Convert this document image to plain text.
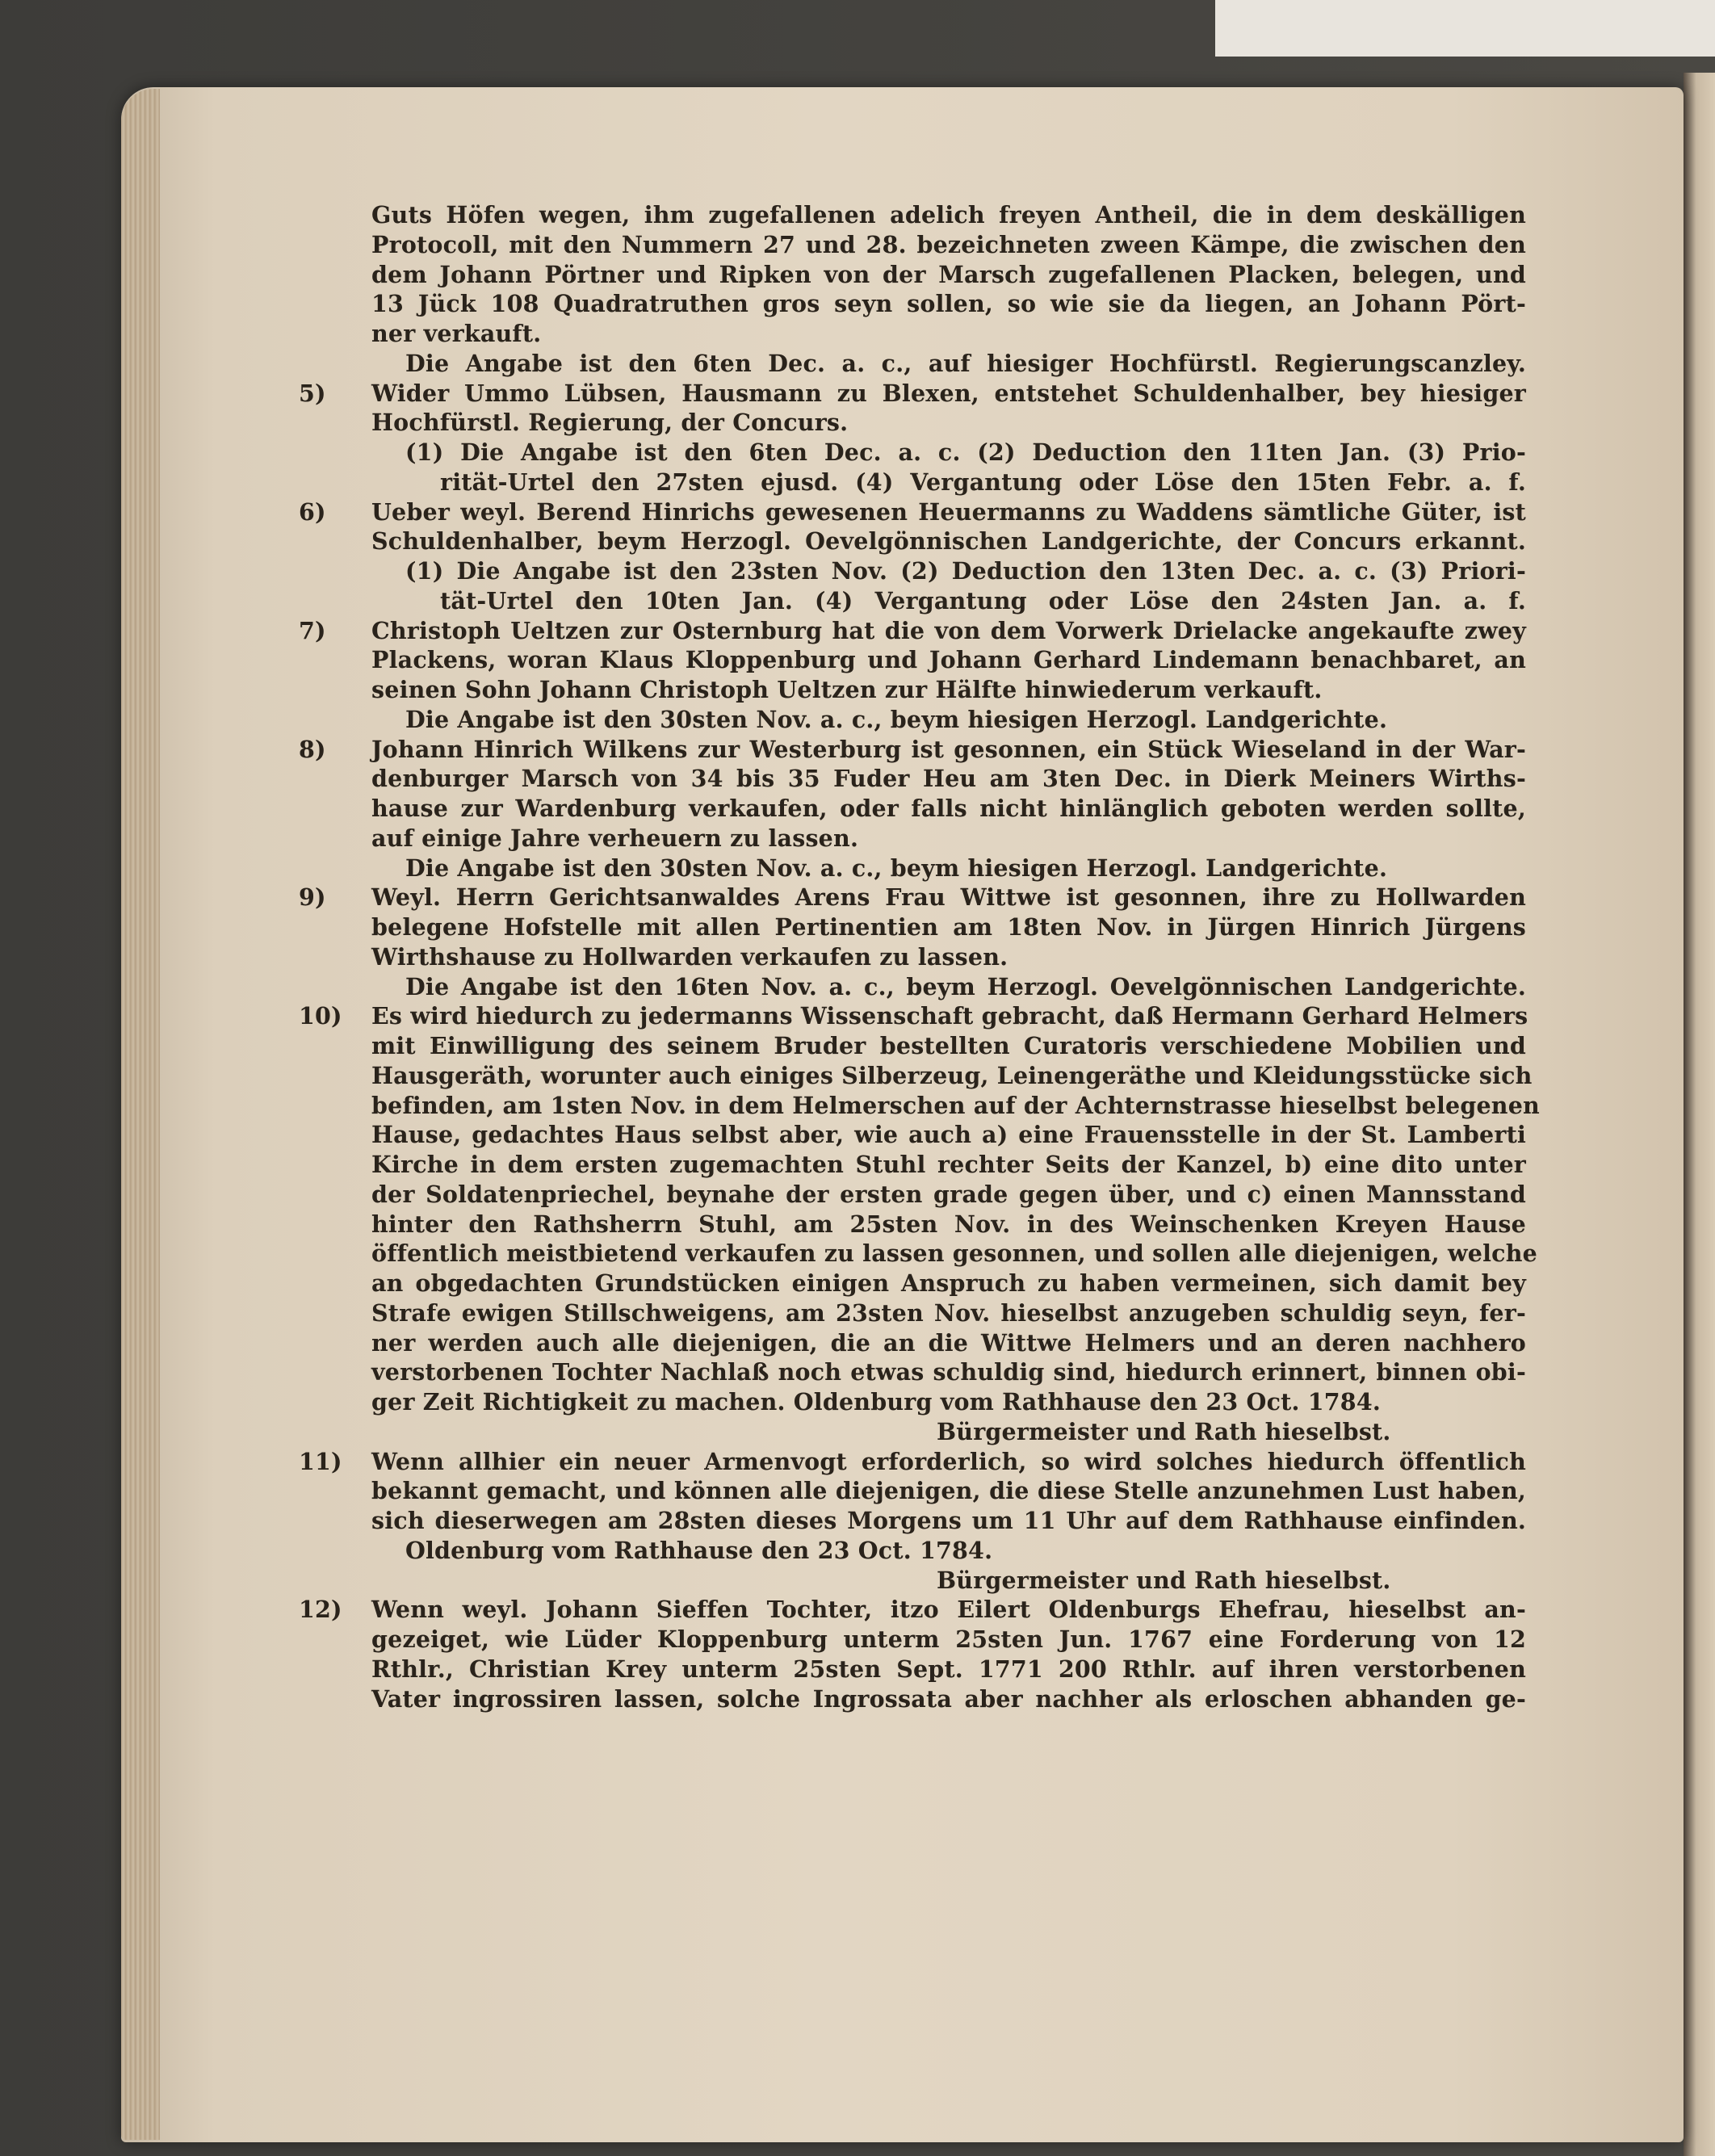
Guts Höfen wegen, ihm zugefallenen adelich freyen Antheil, die in dem deskälligen
Protocoll, mit den Nummern 27 und 28. bezeichneten zween Kämpe, die zwischen den
dem Johann Pörtner und Ripken von der Marsch zugefallenen Placken, belegen, und
13 Jück 108 Quadratruthen gros seyn sollen, so wie sie da liegen, an Johann Pört-
ner verkauft.
Die Angabe ist den 6ten Dec. a. c., auf hiesiger Hochfürstl. Regierungscanzley.
5)	Wider Ummo Lübsen, Hausmann zu Blexen, entstehet Schuldenhalber, bey hiesiger
Hochfürstl. Regierung, der Concurs.
(1) Die Angabe ist den 6ten Dec. a. c. (2) Deduction den 11ten Jan. (3) Prio-
rität-Urtel den 27sten ejusd. (4) Vergantung oder Löse den 15ten Febr. a. f.
6)	Ueber weyl. Berend Hinrichs gewesenen Heuermanns zu Waddens sämtliche Güter, ist
Schuldenhalber, beym Herzogl. Oevelgönnischen Landgerichte, der Concurs erkannt.
(1) Die Angabe ist den 23sten Nov. (2) Deduction den 13ten Dec. a. c. (3) Priori-
tät-Urtel den 10ten Jan. (4) Vergantung oder Löse den 24sten Jan. a. f.
7)	Christoph Ueltzen zur Osternburg hat die von dem Vorwerk Drielacke angekaufte zwey
Plackens, woran Klaus Kloppenburg und Johann Gerhard Lindemann benachbaret, an
seinen Sohn Johann Christoph Ueltzen zur Hälfte hinwiederum verkauft.
Die Angabe ist den 30sten Nov. a. c., beym hiesigen Herzogl. Landgerichte.
8)	Johann Hinrich Wilkens zur Westerburg ist gesonnen, ein Stück Wieseland in der War-
denburger Marsch von 34 bis 35 Fuder Heu am 3ten Dec. in Dierk Meiners Wirths-
hause zur Wardenburg verkaufen, oder falls nicht hinlänglich geboten werden sollte,
auf einige Jahre verheuern zu lassen.
Die Angabe ist den 30sten Nov. a. c., beym hiesigen Herzogl. Landgerichte.
9)	Weyl. Herrn Gerichtsanwaldes Arens Frau Wittwe ist gesonnen, ihre zu Hollwarden
belegene Hofstelle mit allen Pertinentien am 18ten Nov. in Jürgen Hinrich Jürgens
Wirthshause zu Hollwarden verkaufen zu lassen.
Die Angabe ist den 16ten Nov. a. c., beym Herzogl. Oevelgönnischen Landgerichte.
10)	Es wird hiedurch zu jedermanns Wissenschaft gebracht, daß Hermann Gerhard Helmers
mit Einwilligung des seinem Bruder bestellten Curatoris verschiedene Mobilien und
Hausgeräth, worunter auch einiges Silberzeug, Leinengeräthe und Kleidungsstücke sich
befinden, am 1sten Nov. in dem Helmerschen auf der Achternstrasse hieselbst belegenen
Hause, gedachtes Haus selbst aber, wie auch a) eine Frauensstelle in der St. Lamberti
Kirche in dem ersten zugemachten Stuhl rechter Seits der Kanzel, b) eine dito unter
der Soldatenpriechel, beynahe der ersten grade gegen über, und c) einen Mannsstand
hinter den Rathsherrn Stuhl, am 25sten Nov. in des Weinschenken Kreyen Hause
öffentlich meistbietend verkaufen zu lassen gesonnen, und sollen alle diejenigen, welche
an obgedachten Grundstücken einigen Anspruch zu haben vermeinen, sich damit bey
Strafe ewigen Stillschweigens, am 23sten Nov. hieselbst anzugeben schuldig seyn, fer-
ner werden auch alle diejenigen, die an die Wittwe Helmers und an deren nachhero
verstorbenen Tochter Nachlaß noch etwas schuldig sind, hiedurch erinnert, binnen obi-
ger Zeit Richtigkeit zu machen. Oldenburg vom Rathhause den 23 Oct. 1784.
Bürgermeister und Rath hieselbst.
11)	Wenn allhier ein neuer Armenvogt erforderlich, so wird solches hiedurch öffentlich
bekannt gemacht, und können alle diejenigen, die diese Stelle anzunehmen Lust haben,
sich dieserwegen am 28sten dieses Morgens um 11 Uhr auf dem Rathhause einfinden.
Oldenburg vom Rathhause den 23 Oct. 1784.
Bürgermeister und Rath hieselbst.
12)	Wenn weyl. Johann Sieffen Tochter, itzo Eilert Oldenburgs Ehefrau, hieselbst an-
gezeiget, wie Lüder Kloppenburg unterm 25sten Jun. 1767 eine Forderung von 12
Rthlr., Christian Krey unterm 25sten Sept. 1771 200 Rthlr. auf ihren verstorbenen
Vater ingrossiren lassen, solche Ingrossata aber nachher als erloschen abhanden ge-
